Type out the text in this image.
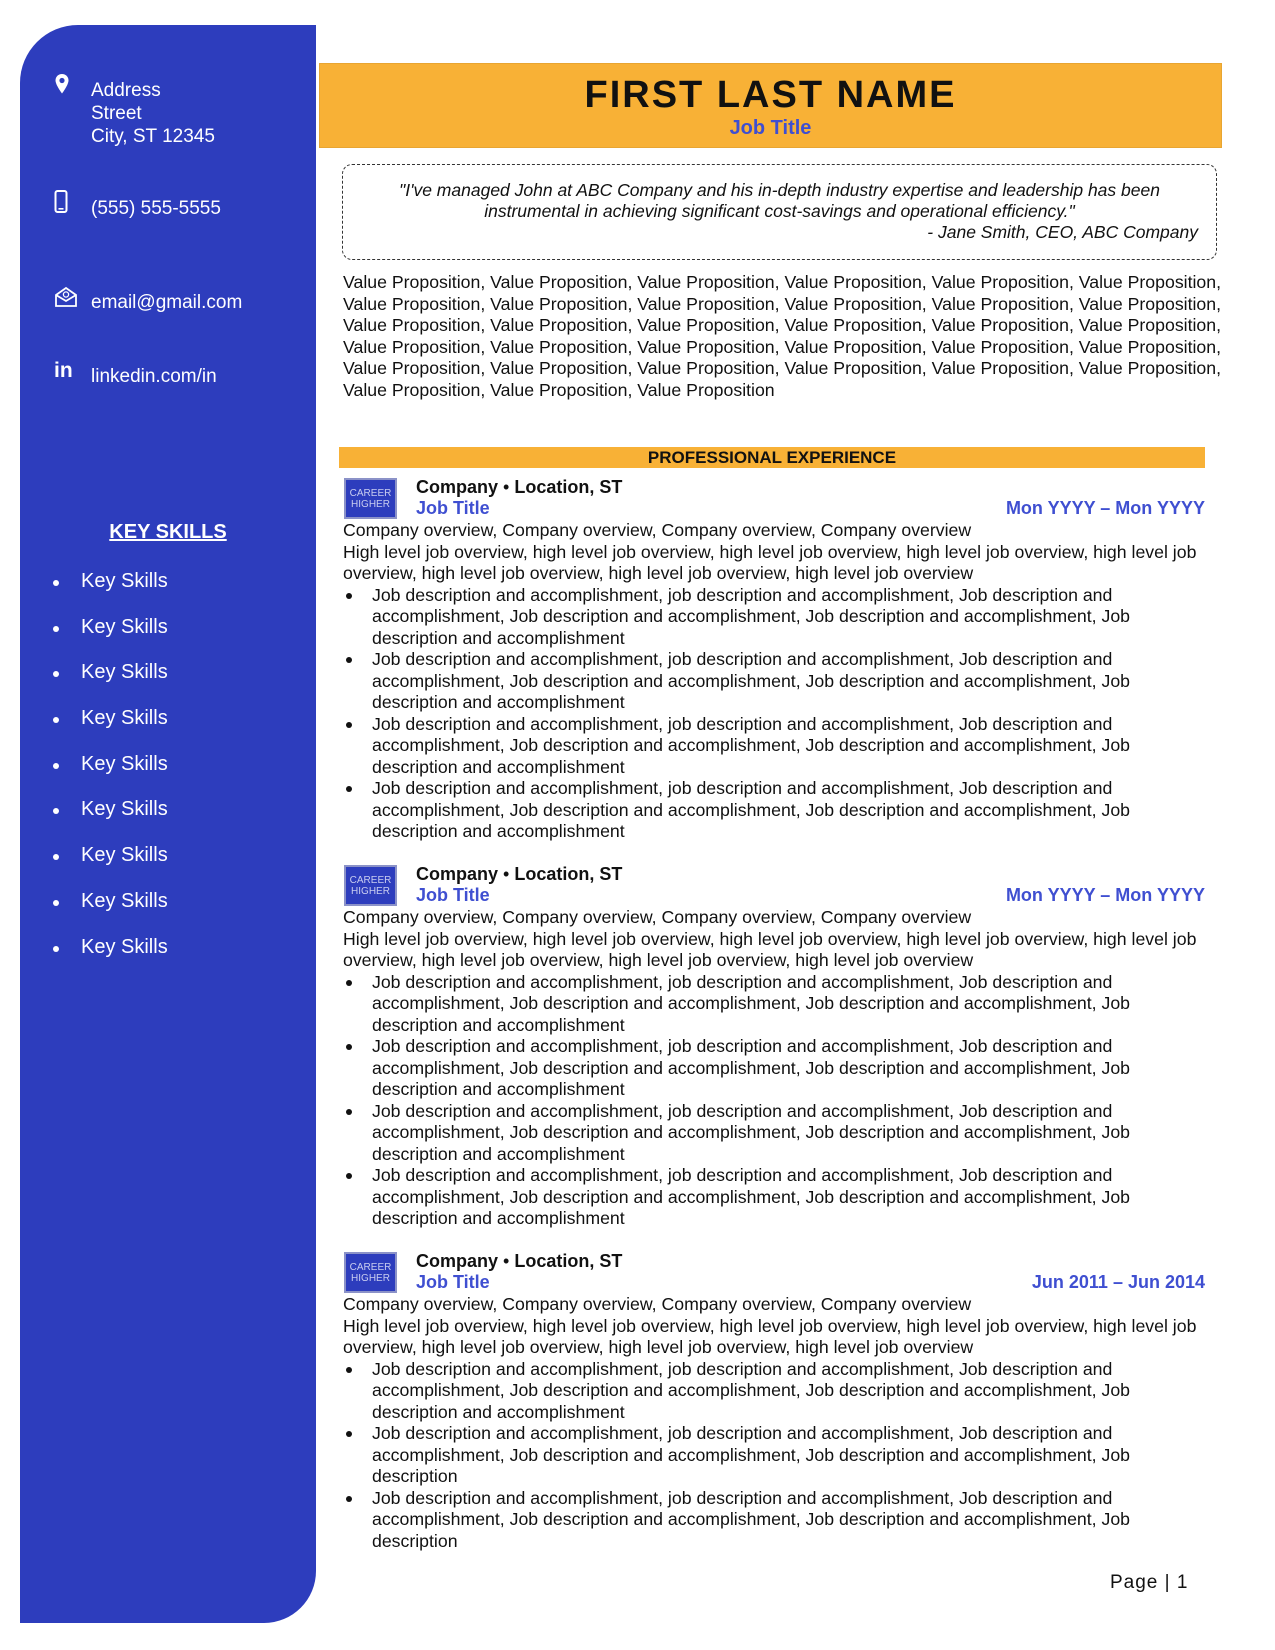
Address
Street
City, ST 12345
(555) 555-5555
email@gmail.com
in linkedin.com/in
KEY SKILLS
Key Skills
Key Skills
Key Skills
Key Skills
Key Skills
Key Skills
Key Skills
Key Skills
Key Skills
FIRST LAST NAME
Job Title
"I've managed John at ABC Company and his in-depth industry expertise and leadership has been instrumental in achieving significant cost-savings and operational efficiency."
- Jane Smith, CEO, ABC Company
Value Proposition, Value Proposition, Value Proposition, Value Proposition, Value Proposition, Value Proposition, Value Proposition, Value Proposition, Value Proposition, Value Proposition, Value Proposition, Value Proposition, Value Proposition, Value Proposition, Value Proposition, Value Proposition, Value Proposition, Value Proposition, Value Proposition, Value Proposition, Value Proposition, Value Proposition, Value Proposition, Value Proposition, Value Proposition, Value Proposition, Value Proposition, Value Proposition, Value Proposition, Value Proposition, Value Proposition, Value Proposition, Value Proposition
PROFESSIONAL EXPERIENCE
CAREER HIGHER
Company • Location, ST
Job Title	Mon YYYY – Mon YYYY
Company overview, Company overview, Company overview, Company overview
High level job overview, high level job overview, high level job overview, high level job overview, high level job overview, high level job overview, high level job overview, high level job overview
Job description and accomplishment, job description and accomplishment, Job description and accomplishment, Job description and accomplishment, Job description and accomplishment, Job description and accomplishment
Job description and accomplishment, job description and accomplishment, Job description and accomplishment, Job description and accomplishment, Job description and accomplishment, Job description and accomplishment
Job description and accomplishment, job description and accomplishment, Job description and accomplishment, Job description and accomplishment, Job description and accomplishment, Job description and accomplishment
Job description and accomplishment, job description and accomplishment, Job description and accomplishment, Job description and accomplishment, Job description and accomplishment, Job description and accomplishment
CAREER HIGHER
Company • Location, ST
Job Title	Mon YYYY – Mon YYYY
Company overview, Company overview, Company overview, Company overview
High level job overview, high level job overview, high level job overview, high level job overview, high level job overview, high level job overview, high level job overview, high level job overview
Job description and accomplishment, job description and accomplishment, Job description and accomplishment, Job description and accomplishment, Job description and accomplishment, Job description and accomplishment
Job description and accomplishment, job description and accomplishment, Job description and accomplishment, Job description and accomplishment, Job description and accomplishment, Job description and accomplishment
Job description and accomplishment, job description and accomplishment, Job description and accomplishment, Job description and accomplishment, Job description and accomplishment, Job description and accomplishment
Job description and accomplishment, job description and accomplishment, Job description and accomplishment, Job description and accomplishment, Job description and accomplishment, Job description and accomplishment
CAREER HIGHER
Company • Location, ST
Job Title	Jun 2011 – Jun 2014
Company overview, Company overview, Company overview, Company overview
High level job overview, high level job overview, high level job overview, high level job overview, high level job overview, high level job overview, high level job overview, high level job overview
Job description and accomplishment, job description and accomplishment, Job description and accomplishment, Job description and accomplishment, Job description and accomplishment, Job description and accomplishment
Job description and accomplishment, job description and accomplishment, Job description and accomplishment, Job description and accomplishment, Job description and accomplishment, Job description
Job description and accomplishment, job description and accomplishment, Job description and accomplishment, Job description and accomplishment, Job description and accomplishment, Job description
Page | 1
